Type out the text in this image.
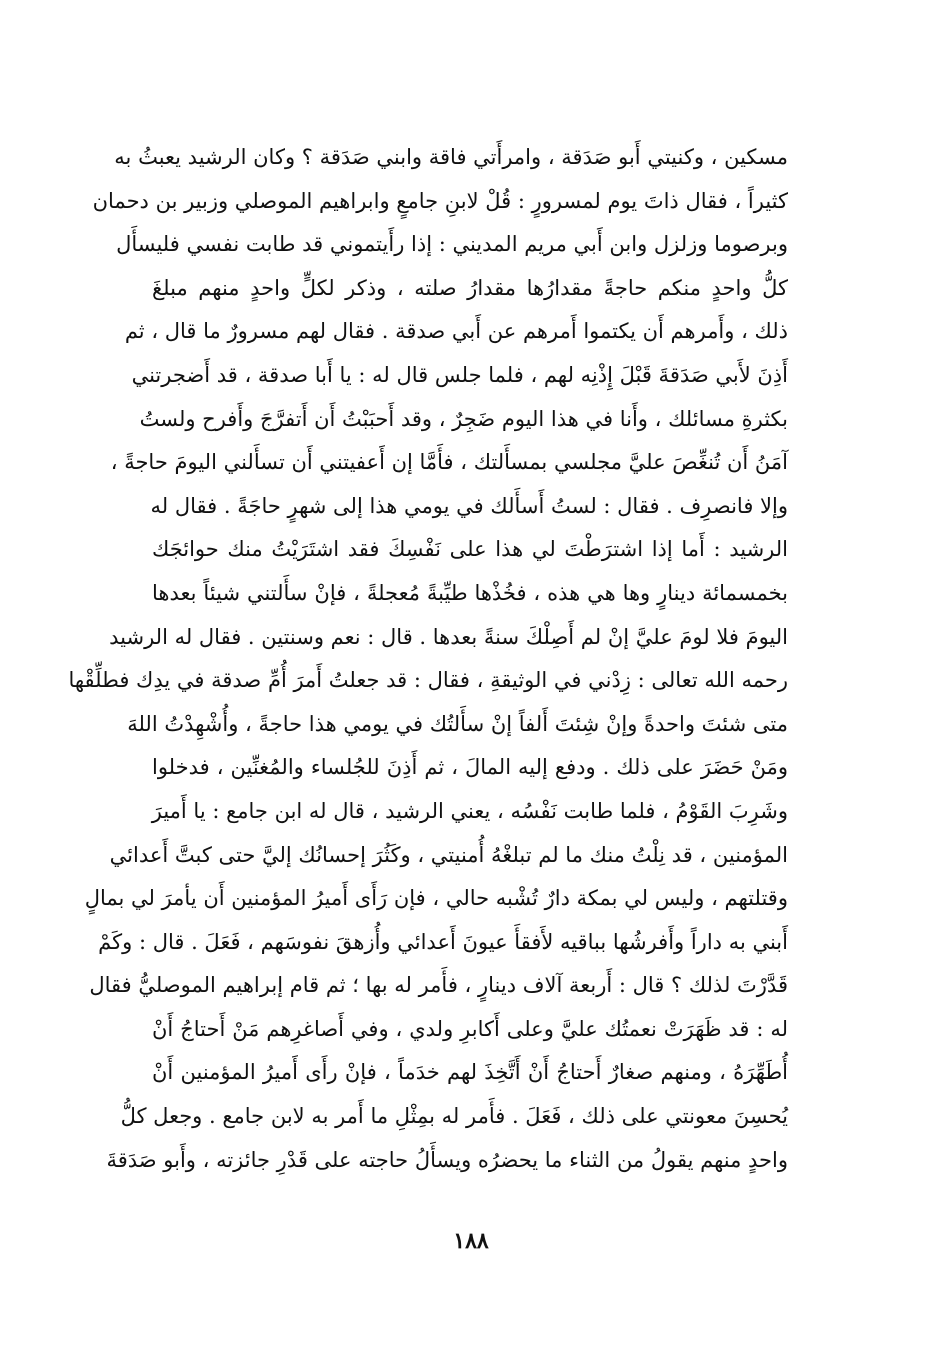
مسكين ، وكنيتي أَبو صَدَقة ، وامرأَتي فاقة وابني صَدَقة ؟ وكان الرشيد يعبثُ به
كثيراً ، فقال ذاتَ يوم لمسرورٍ : قُلْ لابنِ جامعٍ وابراهيم الموصلي وزبير بن دحمان
وبرصوما وزلزل وابن أَبي مريم المديني : إذا رأَيتموني قد طابت نفسي فليسأَل
كلُّ واحدٍ منكم حاجةً مقدارُها مقدارُ صلته ، وذكر لكلٍّ واحدٍ منهم مبلغَ
ذلك ، وأَمرهم أَن يكتموا أَمرهم عن أَبي صدقة . فقال لهم مسرورٌ ما قال ، ثم
أَذِنَ لأَبي صَدَقةَ قَبْلَ إِذْنِه لهم ، فلما جلس قال له : يا أَبا صدقة ، قد أَضجرتني
بكثرةِ مسائلك ، وأَنا في هذا اليوم ضَجِرٌ ، وقد أَحبَبْتُ أَن أَتفرَّجَ وأَفرح ولستُ
آمَنُ أَن تُنغِّصَ عليَّ مجلسي بمسأَلتك ، فأَمَّا إن أَعفيتني أَن تسأَلني اليومَ حاجةً ،
وإلا فانصرِف . فقال : لستُ أَسأَلك في يومي هذا إلى شهرٍ حاجَةً . فقال له
الرشيد : أَما إذا اشترَطْتَ لي هذا على نَفْسِكَ فقد اشتَرَيْتُ منك حوائجَك
بخمسمائة دينارٍ وها هي هذه ، فخُذْها طيِّبةً مُعجلةً ، فإنْ سأَلتني شيئاً بعدها
اليومَ فلا لومَ عليَّ إنْ لم أَصِلْكَ سنةً بعدها . قال : نعم وسنتين . فقال له الرشيد
رحمه الله تعالى : زِدْني في الوثيقةِ ، فقال : قد جعلتُ أَمرَ أُمِّ صدقة في يدِك فطلِّقْها
متى شئتَ واحدةً وإنْ شِئتَ أَلفاً إنْ سأَلتُك في يومي هذا حاجةً ، وأُشْهِدْتُ اللهَ
ومَنْ حَضَرَ على ذلك . ودفع إليه المالَ ، ثم أَذِنَ للجُلساء والمُغنِّين ، فدخلوا
وشَرِبَ القَوْمُ ، فلما طابت نَفْسُه ، يعني الرشيد ، قال له ابن جامع : يا أَميرَ
المؤمنين ، قد نِلْتُ منك ما لم تبلغْهُ أُمنيتي ، وكَثُرَ إحسانُك إليَّ حتى كبتَّ أَعدائي
وقتلتهم ، وليس لي بمكة دارٌ تُشْبه حالي ، فإن رَأَى أَميرُ المؤمنين أَن يأمرَ لي بمالٍ
أَبني به داراً وأَفرشُها بباقيه لأَفقأَ عيونَ أَعدائي وأُزهقَ نفوسَهم ، فَعَلَ . قال : وكَمْ
قَدَّرْتَ لذلك ؟ قال : أَربعة آلاف دينارٍ ، فأَمر له بها ؛ ثم قام إبراهيم الموصليُّ فقال
له : قد ظَهَرَتْ نعمتُك عليَّ وعلى أَكابرِ ولدي ، وفي أَصاغرِهم مَنْ أَحتاجُ أَنْ
أُطَهِّرَهُ ، ومنهم صغارٌ أَحتاجُ أَنْ أَتَّخِذَ لهم خدَماً ، فإنْ رأَى أَميرُ المؤمنين أَنْ
يُحسِنَ معونتي على ذلك ، فَعَلَ . فأَمر له بمِثْلِ ما أَمر به لابن جامع . وجعل كلُّ
واحدٍ منهم يقولُ من الثناء ما يحضرُه ويسأَلُ حاجته على قَدْرِ جائزته ، وأَبو صَدَقةَ
١٨٨
